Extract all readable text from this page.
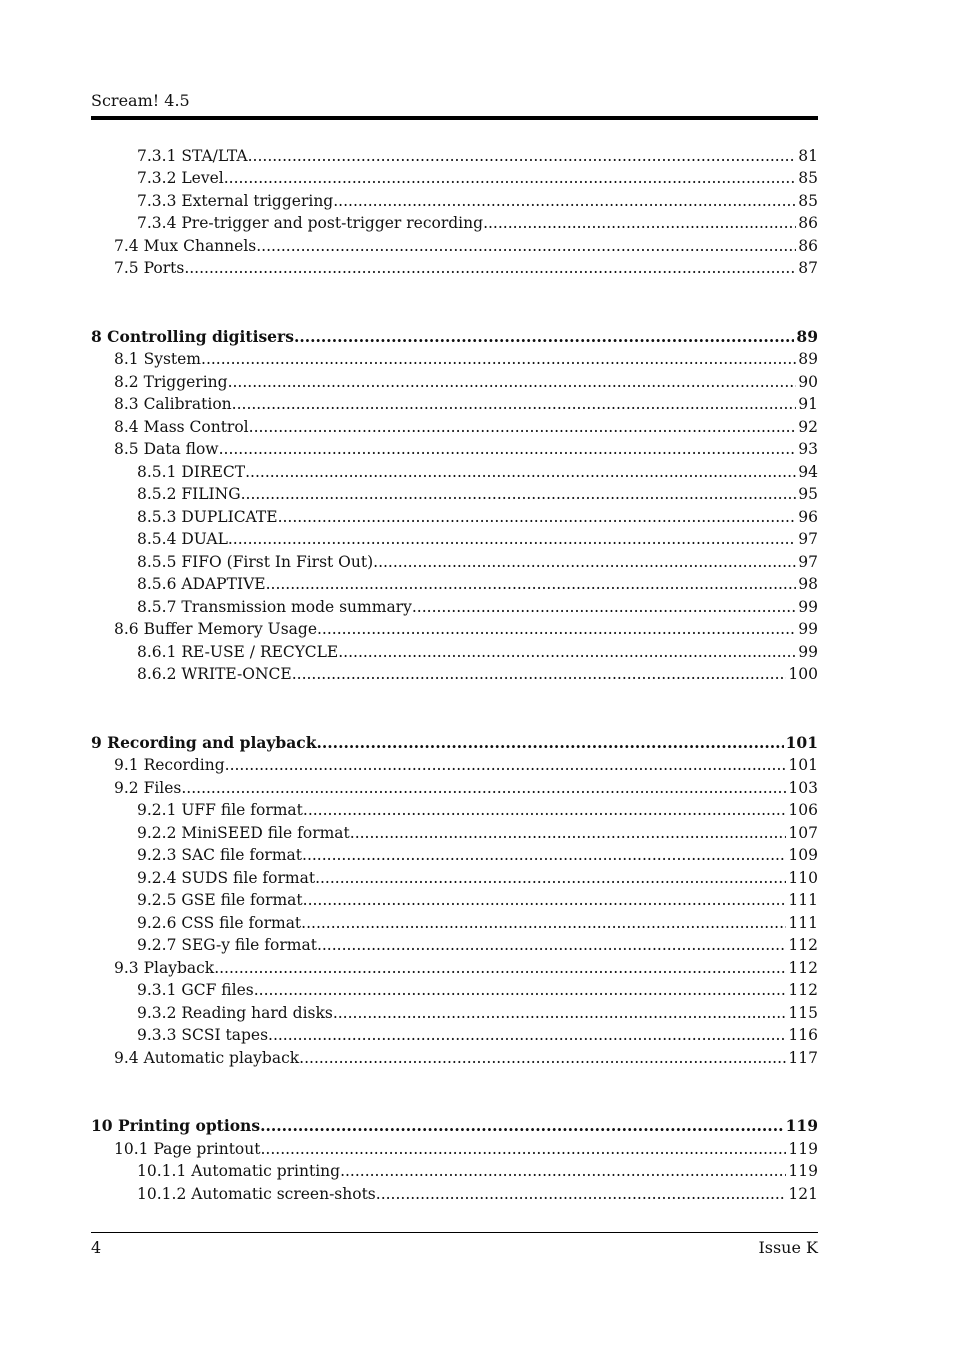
Scream! 4.5
7.3.1 STA/LTA .....	81
7.3.2 Level .....	85
7.3.3 External triggering .....	85
7.3.4 Pre-trigger and post-trigger recording .....	86
7.4 Mux Channels .....	86
7.5 Ports .....	87
8 Controlling digitisers .....	89
8.1 System .....	89
8.2 Triggering .....	90
8.3 Calibration .....	91
8.4 Mass Control .....	92
8.5 Data flow .....	93
8.5.1 DIRECT .....	94
8.5.2 FILING .....	95
8.5.3 DUPLICATE .....	96
8.5.4 DUAL .....	97
8.5.5 FIFO (First In First Out) .....	97
8.5.6 ADAPTIVE .....	98
8.5.7 Transmission mode summary .....	99
8.6 Buffer Memory Usage .....	99
8.6.1 RE-USE / RECYCLE .....	99
8.6.2 WRITE-ONCE .....	100
9 Recording and playback .....	101
9.1 Recording .....	101
9.2 Files .....	103
9.2.1 UFF file format .....	106
9.2.2 MiniSEED file format .....	107
9.2.3 SAC file format .....	109
9.2.4 SUDS file format .....	110
9.2.5 GSE file format .....	111
9.2.6 CSS file format .....	111
9.2.7 SEG-y file format .....	112
9.3 Playback .....	112
9.3.1 GCF files .....	112
9.3.2 Reading hard disks .....	115
9.3.3 SCSI tapes .....	116
9.4 Automatic playback .....	117
10 Printing options .....	119
10.1 Page printout .....	119
10.1.1 Automatic printing .....	119
10.1.2 Automatic screen-shots .....	121
4	Issue K
